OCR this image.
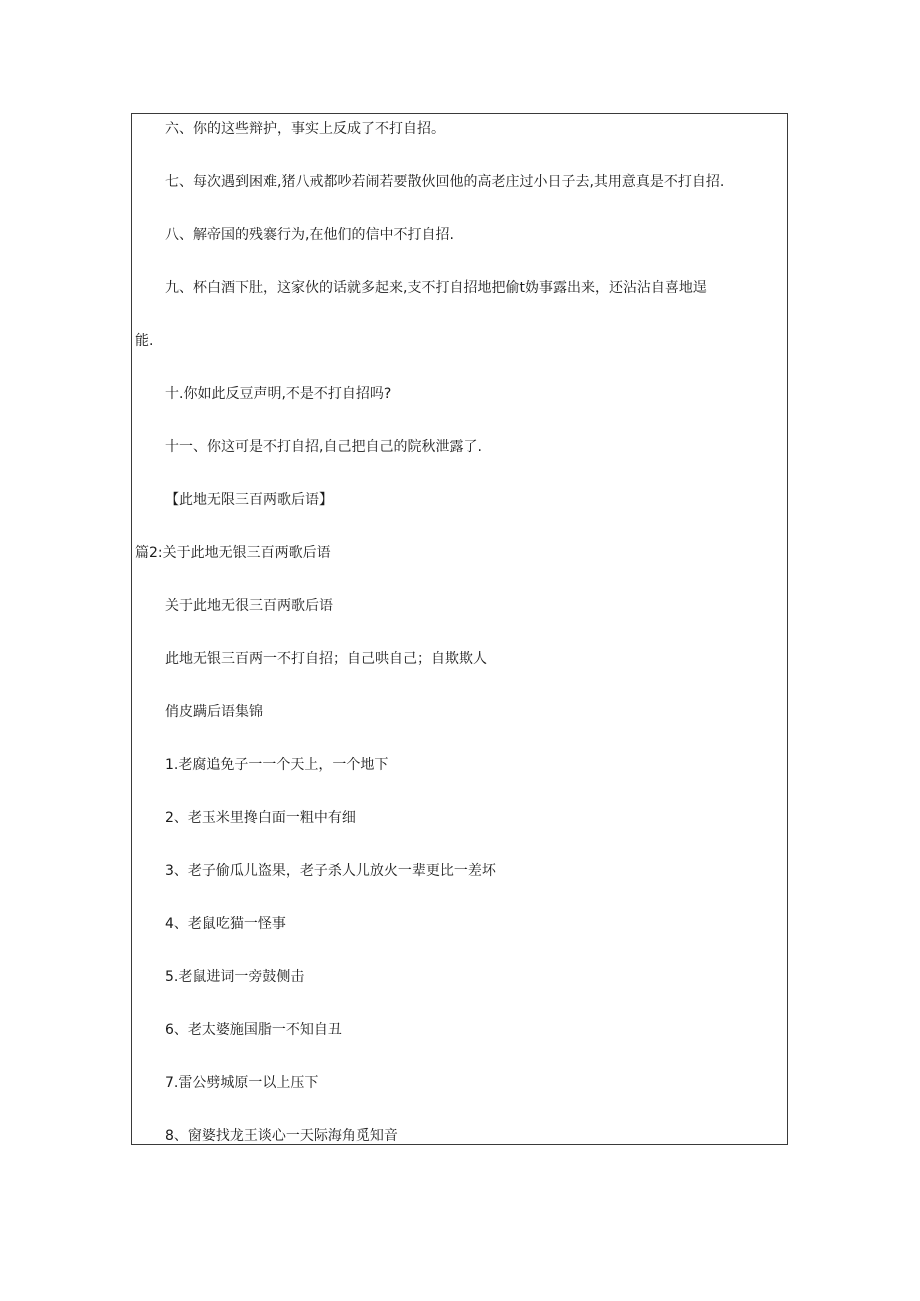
六、你的这些辩护，事实上反成了不打自招。
七、每次遇到困难,猪八戒都吵若闹若要散伙回他的高老庄过小日子去,其用意真是不打自招.
八、解帝国的残褰行为,在他们的信中不打自招.
九、杯白酒下肚，这家伙的话就多起来,支不打自招地把偷t妫事露出来，还沾沾自喜地逞
能.
十.你如此反豆声明,不是不打自招吗?
十一、你这可是不打自招,自己把自己的院秋泄露了.
【此地无限三百两歌后语】
篇2:关于此地无银三百两歌后语
关于此地无很三百两歌后语
此地无银三百两一不打自招；自己哄自己；自欺欺人
俏皮蹒后语集锦
1.老腐追免子一一个天上，一个地下
2、老玉米里搀白面一粗中有细
3、老子偷瓜儿盗果，老子杀人儿放火一辈更比一差坏
4、老鼠吃猫一怪事
5.老鼠进词一旁鼓侧击
6、老太婆施国脂一不知自丑
7.雷公劈城原一以上压下
8、窗婆找龙王谈心一天际海角觅知音
